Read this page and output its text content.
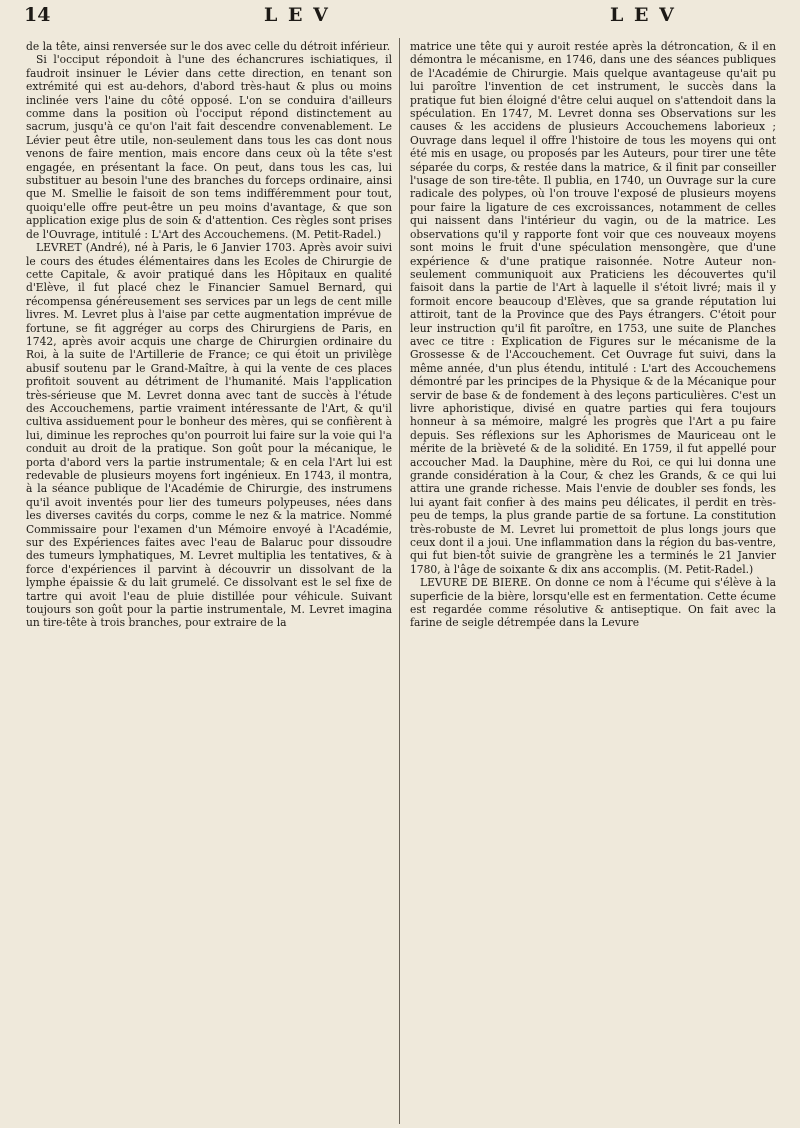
14	L E V	L E V

de la tête, ainsi renversée sur le dos avec celle du détroit inférieur.

Si l'occiput répondoit à l'une des échancrures ischiatiques, il faudroit insinuer le Lévier dans cette direction, en tenant son extrémité qui est au-dehors, d'abord très-haut & plus ou moins inclinée vers l'aine du côté opposé. L'on se conduira d'ailleurs comme dans la position où l'occiput répond distinctement au sacrum, jusqu'à ce qu'on l'ait fait descendre convenablement. Le Lévier peut être utile, non-seulement dans tous les cas dont nous venons de faire mention, mais encore dans ceux où la tête s'est engagée, en présentant la face. On peut, dans tous les cas, lui substituer au besoin l'une des branches du forceps ordinaire, ainsi que M. Smellie le faisoit de son tems indifféremment pour tout, quoiqu'elle offre peut-être un peu moins d'avantage, & que son application exige plus de soin & d'attention. Ces règles sont prises de l'Ouvrage, intitulé : L'Art des Accouchemens. (M. Petit-Radel.)

LEVRET (André), né à Paris, le 6 Janvier 1703. Après avoir suivi le cours des études élémentaires dans les Ecoles de Chirurgie de cette Capitale, & avoir pratiqué dans les Hôpitaux en qualité d'Elève, il fut placé chez le Financier Samuel Bernard, qui récompensa généreusement ses services par un legs de cent mille livres. M. Levret plus à l'aise par cette augmentation imprévue de fortune, se fit aggréger au corps des Chirurgiens de Paris, en 1742, après avoir acquis une charge de Chirurgien ordinaire du Roi, à la suite de l'Artillerie de France; ce qui étoit un privilège abusif soutenu par le Grand-Maître, à qui la vente de ces places profitoit souvent au détriment de l'humanité. Mais l'application très-sérieuse que M. Levret donna avec tant de succès à l'étude des Accouchemens, partie vraiment intéressante de l'Art, & qu'il cultiva assiduement pour le bonheur des mères, qui se confièrent à lui, diminue les reproches qu'on pourroit lui faire sur la voie qui l'a conduit au droit de la pratique. Son goût pour la mécanique, le porta d'abord vers la partie instrumentale; & en cela l'Art lui est redevable de plusieurs moyens fort ingénieux. En 1743, il montra, à la séance publique de l'Académie de Chirurgie, des instrumens qu'il avoit inventés pour lier des tumeurs polypeuses, nées dans les diverses cavités du corps, comme le nez & la matrice. Nommé Commissaire pour l'examen d'un Mémoire envoyé à l'Académie, sur des Expériences faites avec l'eau de Balaruc pour dissoudre des tumeurs lymphatiques, M. Levret multiplia les tentatives, & à force d'expériences il parvint à découvrir un dissolvant de la lymphe épaissie & du lait grumelé. Ce dissolvant est le sel fixe de tartre qui avoit l'eau de pluie distillée pour véhicule. Suivant toujours son goût pour la partie instrumentale, M. Levret imagina un tire-tête à trois branches, pour extraire de la

matrice une tête qui y auroit restée après la détroncation, & il en démontra le mécanisme, en 1746, dans une des séances publiques de l'Académie de Chirurgie. Mais quelque avantageuse qu'ait pu lui paroître l'invention de cet instrument, le succès dans la pratique fut bien éloigné d'être celui auquel on s'attendoit dans la spéculation. En 1747, M. Levret donna ses Observations sur les causes & les accidens de plusieurs Accouchemens laborieux ; Ouvrage dans lequel il offre l'histoire de tous les moyens qui ont été mis en usage, ou proposés par les Auteurs, pour tirer une tête séparée du corps, & restée dans la matrice, & il finit par conseiller l'usage de son tire-tête. Il publia, en 1740, un Ouvrage sur la cure radicale des polypes, où l'on trouve l'exposé de plusieurs moyens pour faire la ligature de ces excroissances, notamment de celles qui naissent dans l'intérieur du vagin, ou de la matrice. Les observations qu'il y rapporte font voir que ces nouveaux moyens sont moins le fruit d'une spéculation mensongère, que d'une expérience & d'une pratique raisonnée. Notre Auteur non-seulement communiquoit aux Praticiens les découvertes qu'il faisoit dans la partie de l'Art à laquelle il s'étoit livré; mais il y formoit encore beaucoup d'Elèves, que sa grande réputation lui attiroit, tant de la Province que des Pays étrangers. C'étoit pour leur instruction qu'il fit paroître, en 1753, une suite de Planches avec ce titre : Explication de Figures sur le mécanisme de la Grossesse & de l'Accouchement. Cet Ouvrage fut suivi, dans la même année, d'un plus étendu, intitulé : L'art des Accouchemens démontré par les principes de la Physique & de la Mécanique pour servir de base & de fondement à des leçons particulières. C'est un livre aphoristique, divisé en quatre parties qui fera toujours honneur à sa mémoire, malgré les progrès que l'Art a pu faire depuis. Ses réflexions sur les Aphorismes de Mauriceau ont le mérite de la brièveté & de la solidité. En 1759, il fut appellé pour accoucher Mad. la Dauphine, mère du Roi, ce qui lui donna une grande considération à la Cour, & chez les Grands, & ce qui lui attira une grande richesse. Mais l'envie de doubler ses fonds, les lui ayant fait confier à des mains peu délicates, il perdit en très-peu de temps, la plus grande partie de sa fortune. La constitution très-robuste de M. Levret lui promettoit de plus longs jours que ceux dont il a joui. Une inflammation dans la région du bas-ventre, qui fut bien-tôt suivie de grangrène les a terminés le 21 Janvier 1780, à l'âge de soixante & dix ans accomplis. (M. Petit-Radel.)

LEVURE DE BIERE. On donne ce nom à l'écume qui s'élève à la superficie de la bière, lorsqu'elle est en fermentation. Cette écume est regardée comme résolutive & antiseptique. On fait avec la farine de seigle détrempée dans la Levure
